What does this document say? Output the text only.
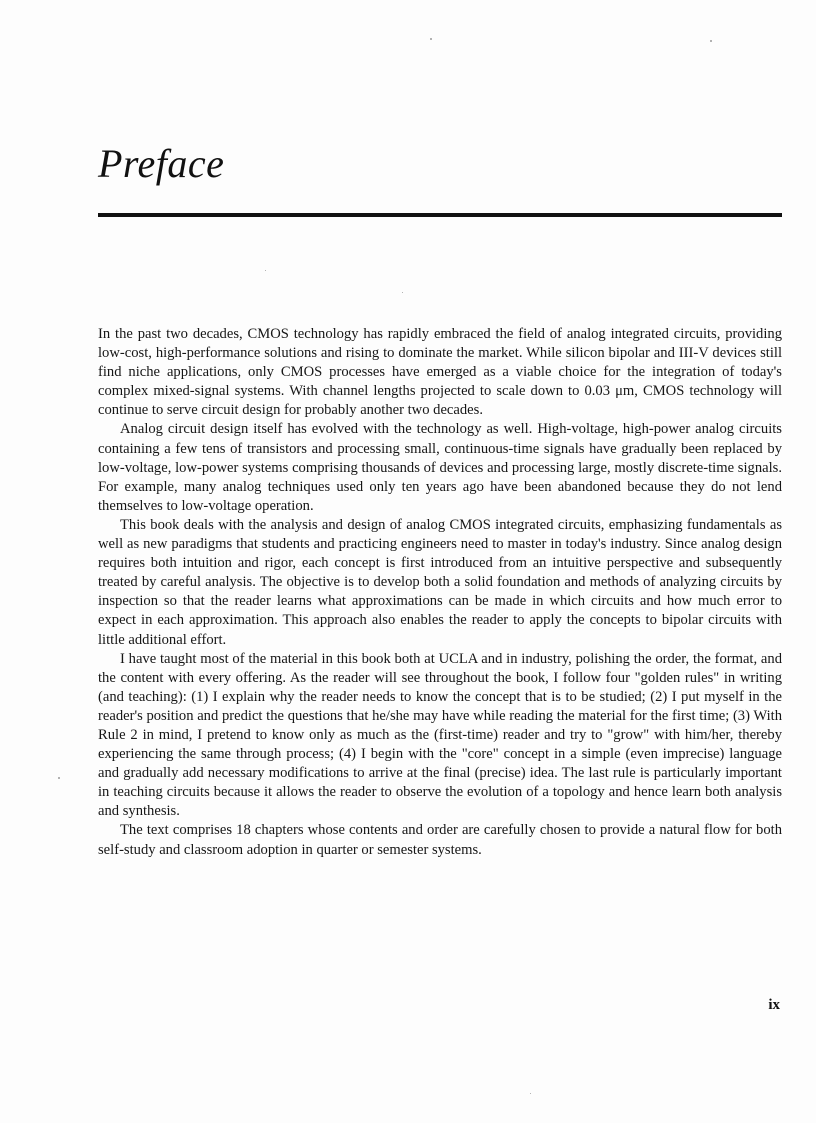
Preface

In the past two decades, CMOS technology has rapidly embraced the field of analog integrated circuits, providing low-cost, high-performance solutions and rising to dominate the market. While silicon bipolar and III-V devices still find niche applications, only CMOS processes have emerged as a viable choice for the integration of today's complex mixed-signal systems. With channel lengths projected to scale down to 0.03 μm, CMOS technology will continue to serve circuit design for probably another two decades.

Analog circuit design itself has evolved with the technology as well. High-voltage, high-power analog circuits containing a few tens of transistors and processing small, continuous-time signals have gradually been replaced by low-voltage, low-power systems comprising thousands of devices and processing large, mostly discrete-time signals. For example, many analog techniques used only ten years ago have been abandoned because they do not lend themselves to low-voltage operation.

This book deals with the analysis and design of analog CMOS integrated circuits, emphasizing fundamentals as well as new paradigms that students and practicing engineers need to master in today's industry. Since analog design requires both intuition and rigor, each concept is first introduced from an intuitive perspective and subsequently treated by careful analysis. The objective is to develop both a solid foundation and methods of analyzing circuits by inspection so that the reader learns what approximations can be made in which circuits and how much error to expect in each approximation. This approach also enables the reader to apply the concepts to bipolar circuits with little additional effort.

I have taught most of the material in this book both at UCLA and in industry, polishing the order, the format, and the content with every offering. As the reader will see throughout the book, I follow four "golden rules" in writing (and teaching): (1) I explain why the reader needs to know the concept that is to be studied; (2) I put myself in the reader's position and predict the questions that he/she may have while reading the material for the first time; (3) With Rule 2 in mind, I pretend to know only as much as the (first-time) reader and try to "grow" with him/her, thereby experiencing the same through process; (4) I begin with the "core" concept in a simple (even imprecise) language and gradually add necessary modifications to arrive at the final (precise) idea. The last rule is particularly important in teaching circuits because it allows the reader to observe the evolution of a topology and hence learn both analysis and synthesis.

The text comprises 18 chapters whose contents and order are carefully chosen to provide a natural flow for both self-study and classroom adoption in quarter or semester systems.

ix
